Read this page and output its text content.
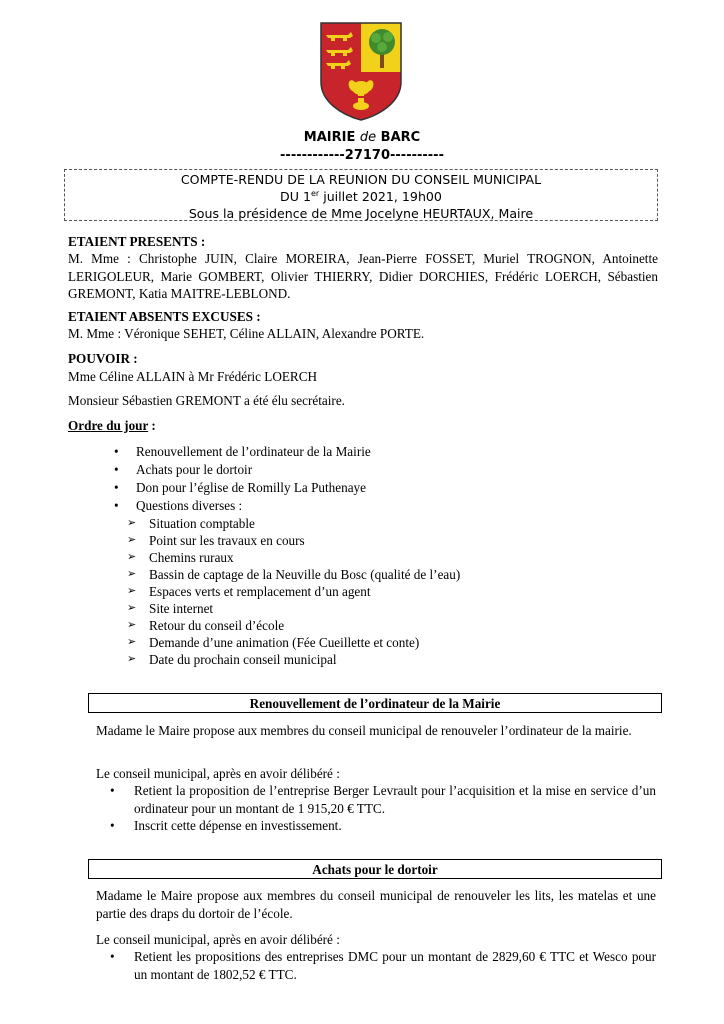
MAIRIE de BARC
------------27170----------
COMPTE-RENDU DE LA REUNION DU CONSEIL MUNICIPAL
DU 1er juillet 2021, 19h00
Sous la présidence de Mme Jocelyne HEURTAUX, Maire
ETAIENT PRESENTS :
M. Mme : Christophe JUIN, Claire MOREIRA, Jean-Pierre FOSSET, Muriel TROGNON, Antoinette LERIGOLEUR, Marie GOMBERT, Olivier THIERRY, Didier DORCHIES, Frédéric LOERCH, Sébastien GREMONT, Katia MAITRE-LEBLOND.
ETAIENT ABSENTS EXCUSES :
M. Mme : Véronique SEHET, Céline ALLAIN, Alexandre PORTE.
POUVOIR :
Mme Céline ALLAIN à Mr Frédéric LOERCH
Monsieur Sébastien GREMONT a été élu secrétaire.
Ordre du jour :
• Renouvellement de l’ordinateur de la Mairie
• Achats pour le dortoir
• Don pour l’église de Romilly La Puthenaye
• Questions diverses :
➢ Situation comptable
➢ Point sur les travaux en cours
➢ Chemins ruraux
➢ Bassin de captage de la Neuville du Bosc (qualité de l’eau)
➢ Espaces verts et remplacement d’un agent
➢ Site internet
➢ Retour du conseil d’école
➢ Demande d’une animation (Fée Cueillette et conte)
➢ Date du prochain conseil municipal
Renouvellement de l’ordinateur de la Mairie
Madame le Maire propose aux membres du conseil municipal de renouveler l’ordinateur de la mairie.
Le conseil municipal, après en avoir délibéré :
• Retient la proposition de l’entreprise Berger Levrault pour l’acquisition et la mise en service d’un ordinateur pour un montant de 1 915,20 € TTC.
• Inscrit cette dépense en investissement.
Achats pour le dortoir
Madame le Maire propose aux membres du conseil municipal de renouveler les lits, les matelas et une partie des draps du dortoir de l’école.
Le conseil municipal, après en avoir délibéré :
• Retient les propositions des entreprises DMC pour un montant de 2829,60 € TTC et Wesco pour un montant de 1802,52 € TTC.
